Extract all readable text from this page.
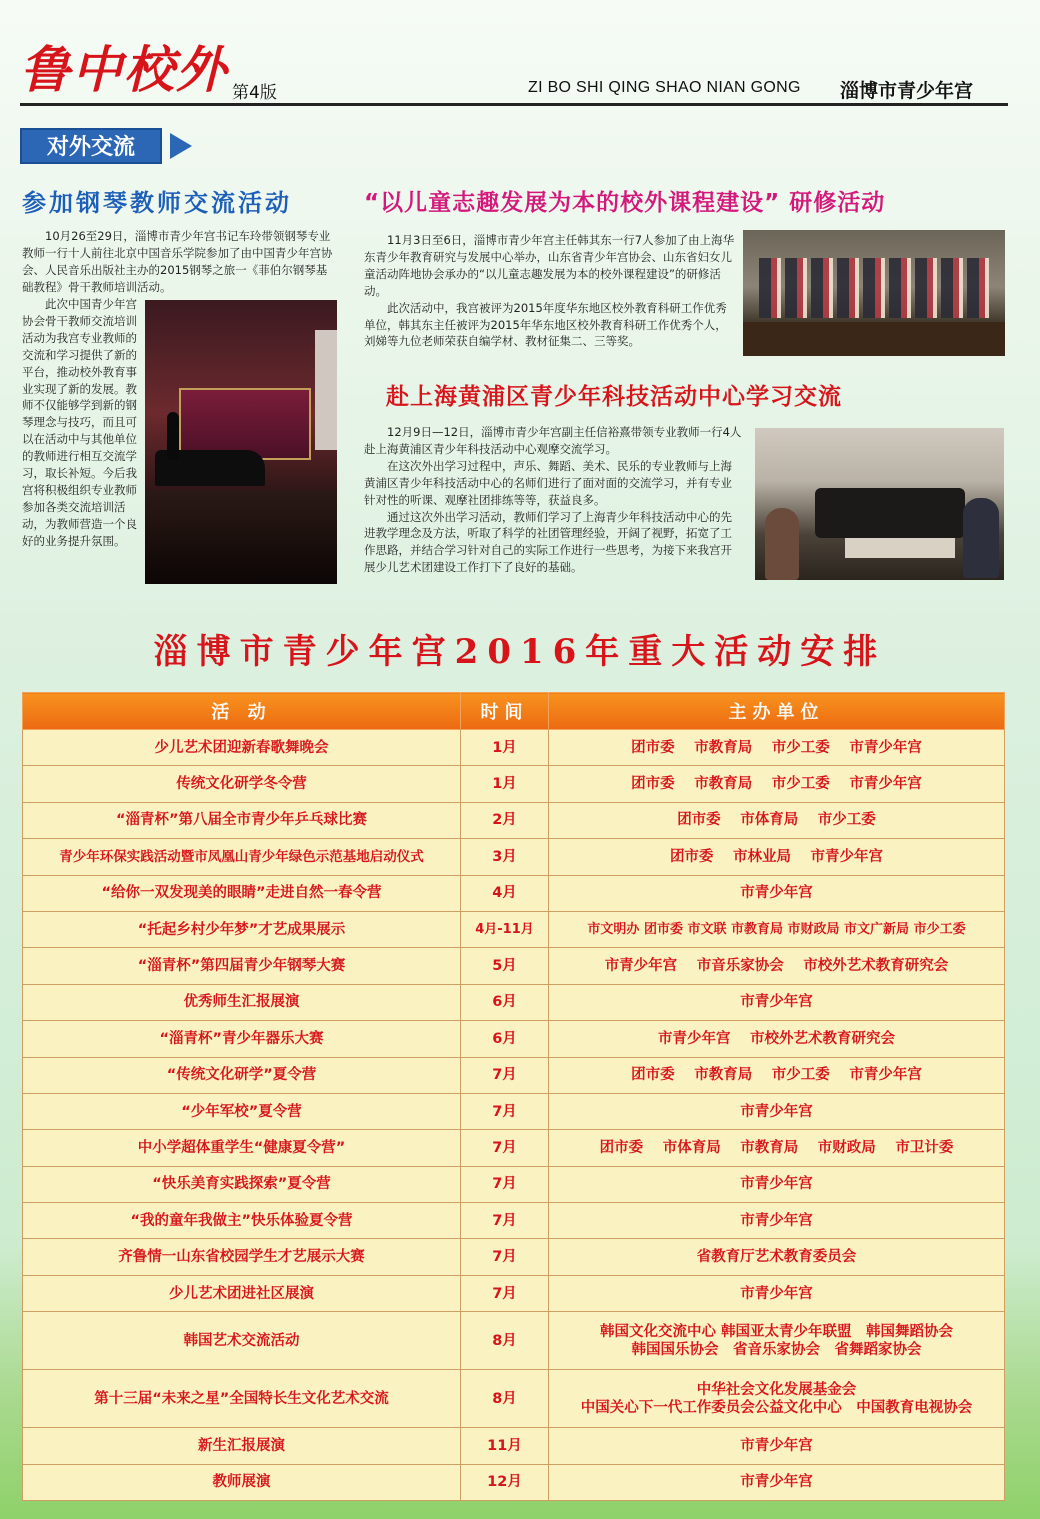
鲁中校外 第4版	ZI BO SHI QING SHAO NIAN GONG 淄博市青少年宫
对外交流
参加钢琴教师交流活动

10月26至29日，淄博市青少年宫书记车玲带领钢琴专业教师一行十人前往北京中国音乐学院参加了由中国青少年宫协会、人民音乐出版社主办的2015钢琴之旅一《菲伯尔钢琴基础教程》骨干教师培训活动。

此次中国青少年宫协会骨干教师交流培训活动为我宫专业教师的交流和学习提供了新的平台，推动校外教育事业实现了新的发展。教师不仅能够学到新的钢琴理念与技巧，而且可以在活动中与其他单位的教师进行相互交流学习，取长补短。今后我宫将积极组织专业教师参加各类交流培训活动，为教师营造一个良好的业务提升氛围。

“以儿童志趣发展为本的校外课程建设” 研修活动

11月3日至6日，淄博市青少年宫主任韩其东一行7人参加了由上海华东青少年教育研究与发展中心举办，山东省青少年宫协会、山东省妇女儿童活动阵地协会承办的“以儿童志趣发展为本的校外课程建设”的研修活动。

此次活动中，我宫被评为2015年度华东地区校外教育科研工作优秀单位，韩其东主任被评为2015年华东地区校外教育科研工作优秀个人，刘娣等九位老师荣获自编学材、教材征集二、三等奖。

赴上海黄浦区青少年科技活动中心学习交流

12月9日—12日，淄博市青少年宫副主任信裕熹带领专业教师一行4人赴上海黄浦区青少年科技活动中心观摩交流学习。

在这次外出学习过程中，声乐、舞蹈、美术、民乐的专业教师与上海黄浦区青少年科技活动中心的名师们进行了面对面的交流学习，并有专业针对性的听课、观摩社团排练等等，获益良多。

通过这次外出学习活动，教师们学习了上海青少年科技活动中心的先进教学理念及方法，听取了科学的社团管理经验，开阔了视野，拓宽了工作思路，并结合学习针对自己的实际工作进行一些思考，为接下来我宫开展少儿艺术团建设工作打下了良好的基础。

淄博市青少年宫2016年重大活动安排
活 动	时间	主办单位
少儿艺术团迎新春歌舞晚会	1月	团市委　 市教育局　 市少工委　 市青少年宫
传统文化研学冬令营	1月	团市委　 市教育局　 市少工委　 市青少年宫
“淄青杯”第八届全市青少年乒乓球比赛	2月	团市委　 市体育局　 市少工委
青少年环保实践活动暨市凤凰山青少年绿色示范基地启动仪式	3月	团市委　 市林业局　 市青少年宫
“给你一双发现美的眼睛”走进自然一春令营	4月	市青少年宫
“托起乡村少年梦”才艺成果展示	4月-11月	市文明办 团市委 市文联 市教育局 市财政局 市文广新局 市少工委
“淄青杯”第四届青少年钢琴大赛	5月	市青少年宫　 市音乐家协会　 市校外艺术教育研究会
优秀师生汇报展演	6月	市青少年宫
“淄青杯”青少年器乐大赛	6月	市青少年宫　 市校外艺术教育研究会
“传统文化研学”夏令营	7月	团市委　 市教育局　 市少工委　 市青少年宫
“少年军校”夏令营	7月	市青少年宫
中小学超体重学生“健康夏令营”	7月	团市委　 市体育局　 市教育局　 市财政局　 市卫计委
“快乐美育实践探索”夏令营	7月	市青少年宫
“我的童年我做主”快乐体验夏令营	7月	市青少年宫
齐鲁情一山东省校园学生才艺展示大赛	7月	省教育厅艺术教育委员会
少儿艺术团进社区展演	7月	市青少年宫
韩国艺术交流活动	8月	韩国文化交流中心 韩国亚太青少年联盟　韩国舞蹈协会
韩国国乐协会　省音乐家协会　省舞蹈家协会

第十三届“未来之星”全国特长生文化艺术交流	8月	中华社会文化发展基金会
中国关心下一代工作委员会公益文化中心　中国教育电视协会

新生汇报展演	11月	市青少年宫
教师展演	12月	市青少年宫
